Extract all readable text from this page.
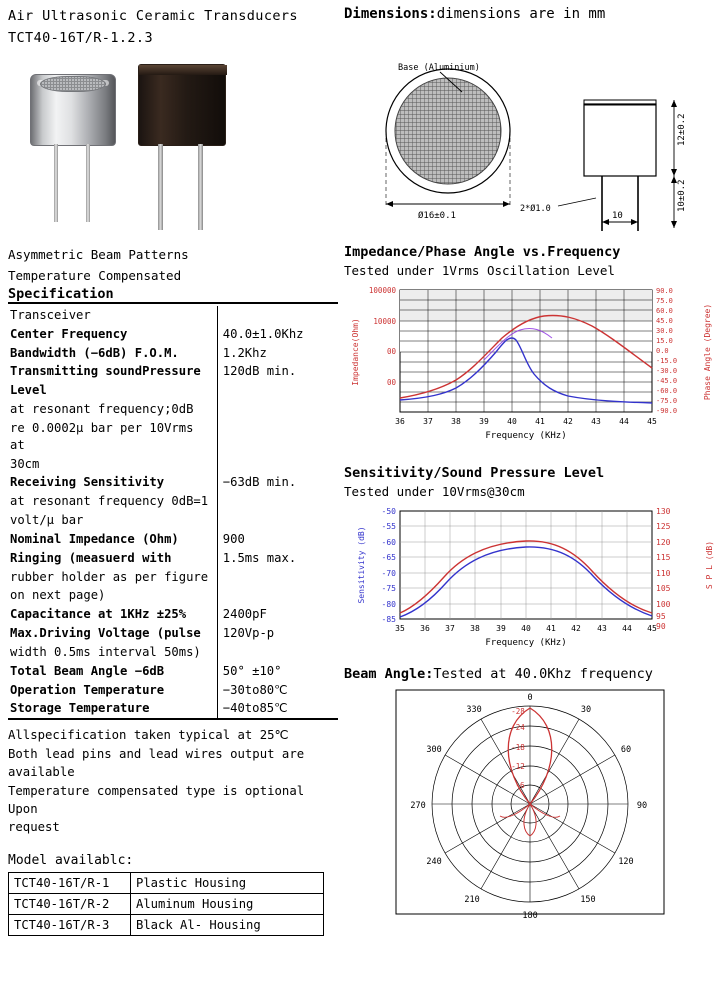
Air Ultrasonic Ceramic Transducers
TCT40-16T/R-1.2.3
Asymmetric Beam Patterns
Temperature Compensated
Specification
Transceiver	
Center Frequency	40.0±1.0Khz
Bandwidth (−6dB) F.O.M.	1.2Khz
Transmitting soundPressure	120dB min.
Level	
at resonant frequency;0dB	
re 0.0002μ bar per 10Vrms at	
30cm	
Receiving Sensitivity	−63dB min.
at resonant frequency 0dB=1	
volt/μ bar	
Nominal Impedance (Ohm)	900
Ringing (measuerd with	1.5ms max.
rubber holder as per figure	
on next page)	
Capacitance at 1KHz ±25%	2400pF
Max.Driving Voltage (pulse	120Vp-p
width 0.5ms interval 50ms)	
Total Beam Angle −6dB	50° ±10°
Operation Temperature	−30to80℃
Storage Temperature	−40to85℃
Allspecification taken typical at 25℃
Both lead pins and lead wires output are available
Temperature compensated type is optional Upon
request
Model availablc:
TCT40-16T/R-1	Plastic Housing
TCT40-16T/R-2	Aluminum Housing
TCT40-16T/R-3	Black Al- Housing
Dimensions:dimensions are in mm
Base (Aluminium)
Ø16±0.1
12±0.2
10±0.2
2*Ø1.0
10
Impedance/Phase Angle vs.Frequency
Tested under 1Vrms Oscillation Level
100000
10000
00
00
90.0
75.0
60.0
45.0
30.0
15.0
0.0
-15.0
-30.0
-45.0
-60.0
-75.0
-90.0
36 37 38 39 40 41 42 43 44 45
Frequency (KHz)
Impedance(Ohm)	Phase Angle (Degree)
Sensitivity/Sound Pressure Level
Tested under 10Vrms@30cm
-50
-55
-60
-65
-70
-75
-80
-85
130
125
120
115
110
105
100
95
90
35 36 37 38 39 40 41 42 43 44 45
Frequency (KHz)
Sensitivity (dB)	S P L (dB)
Beam Angle:Tested at 40.0Khz frequency
-6
-12
-18
-24
-28
0
30
60
90
120
150
180
210
240
270
300
330
